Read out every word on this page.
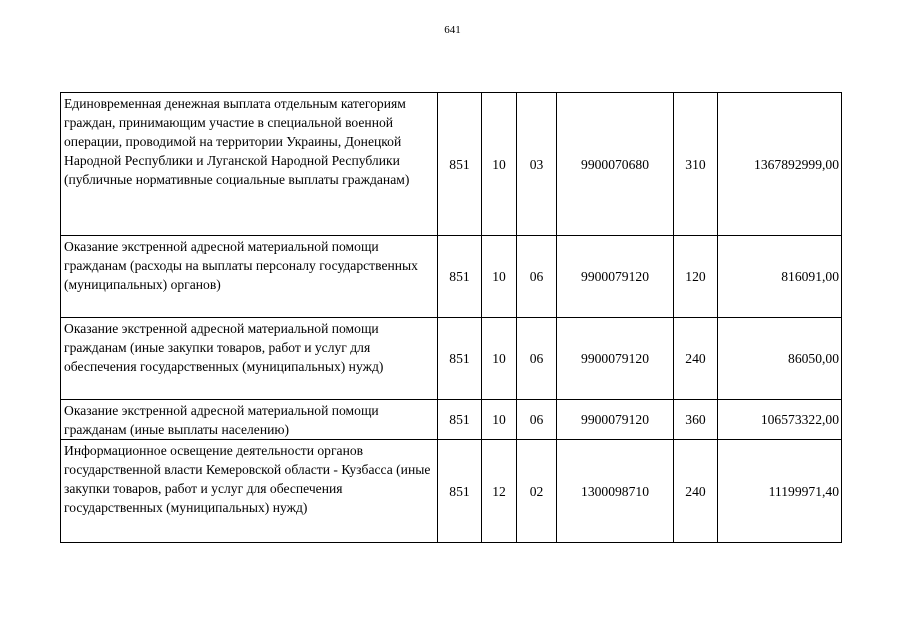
641
Единовременная денежная выплата отдельным категориям граждан, принимающим участие в специальной военной операции, проводимой на территории Украины, Донецкой Народной Республики и Луганской Народной Республики (публичные нормативные социальные выплаты гражданам)	851	10	03	9900070680	310	1367892999,00
Оказание экстренной адресной материальной помощи гражданам (расходы на выплаты персоналу государственных (муниципальных) органов)	851	10	06	9900079120	120	816091,00
Оказание экстренной адресной материальной помощи гражданам (иные закупки товаров, работ и услуг для обеспечения государственных (муниципальных) нужд)	851	10	06	9900079120	240	86050,00
Оказание экстренной адресной материальной помощи гражданам (иные выплаты населению)	851	10	06	9900079120	360	106573322,00
Информационное освещение деятельности органов государственной власти Кемеровской области - Кузбасса (иные закупки товаров, работ и услуг для обеспечения государственных (муниципальных) нужд)	851	12	02	1300098710	240	11199971,40
